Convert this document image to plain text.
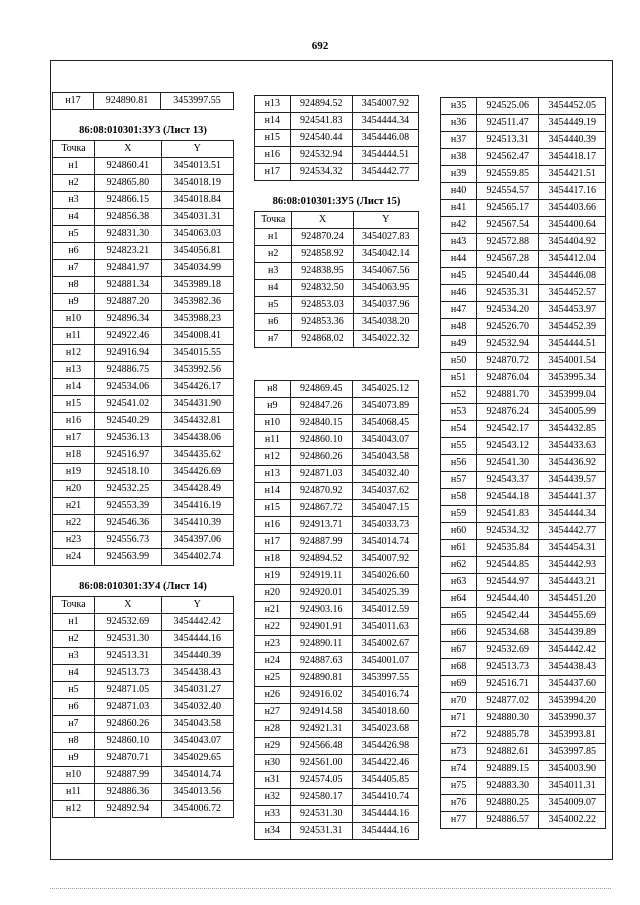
692
н17	924890.81	3453997.55
86:08:010301:ЗУ3 (Лист 13)
Точка	X	Y
н1	924860.41	3454013.51
н2	924865.80	3454018.19
н3	924866.15	3454018.84
н4	924856.38	3454031.31
н5	924831.30	3454063.03
н6	924823.21	3454056.81
н7	924841.97	3454034.99
н8	924881.34	3453989.18
н9	924887.20	3453982.36
н10	924896.34	3453988.23
н11	924922.46	3454008.41
н12	924916.94	3454015.55
н13	924886.75	3453992.56
н14	924534.06	3454426.17
н15	924541.02	3454431.90
н16	924540.29	3454432.81
н17	924536.13	3454438.06
н18	924516.97	3454435.62
н19	924518.10	3454426.69
н20	924532.25	3454428.49
н21	924553.39	3454416.19
н22	924546.36	3454410.39
н23	924556.73	3454397.06
н24	924563.99	3454402.74
86:08:010301:ЗУ4 (Лист 14)
Точка	X	Y
н1	924532.69	3454442.42
н2	924531.30	3454444.16
н3	924513.31	3454440.39
н4	924513.73	3454438.43
н5	924871.05	3454031.27
н6	924871.03	3454032.40
н7	924860.26	3454043.58
н8	924860.10	3454043.07
н9	924870.71	3454029.65
н10	924887.99	3454014.74
н11	924886.36	3454013.56
н12	924892.94	3454006.72
н13	924894.52	3454007.92
н14	924541.83	3454444.34
н15	924540.44	3454446.08
н16	924532.94	3454444.51
н17	924534.32	3454442.77
86:08:010301:ЗУ5 (Лист 15)
Точка	X	Y
н1	924870.24	3454027.83
н2	924858.92	3454042.14
н3	924838.95	3454067.56
н4	924832.50	3454063.95
н5	924853.03	3454037.96
н6	924853.36	3454038.20
н7	924868.02	3454022.32
н8	924869.45	3454025.12
н9	924847.26	3454073.89
н10	924840.15	3454068.45
н11	924860.10	3454043.07
н12	924860.26	3454043.58
н13	924871.03	3454032.40
н14	924870.92	3454037.62
н15	924867.72	3454047.15
н16	924913.71	3454033.73
н17	924887.99	3454014.74
н18	924894.52	3454007.92
н19	924919.11	3454026.60
н20	924920.01	3454025.39
н21	924903.16	3454012.59
н22	924901.91	3454011.63
н23	924890.11	3454002.67
н24	924887.63	3454001.07
н25	924890.81	3453997.55
н26	924916.02	3454016.74
н27	924914.58	3454018.60
н28	924921.31	3454023.68
н29	924566.48	3454426.98
н30	924561.00	3454422.46
н31	924574.05	3454405.85
н32	924580.17	3454410.74
н33	924531.30	3454444.16
н34	924531.31	3454444.16
н35	924525.06	3454452.05
н36	924511.47	3454449.19
н37	924513.31	3454440.39
н38	924562.47	3454418.17
н39	924559.85	3454421.51
н40	924554.57	3454417.16
н41	924565.17	3454403.66
н42	924567.54	3454400.64
н43	924572.88	3454404.92
н44	924567.28	3454412.04
н45	924540.44	3454446.08
н46	924535.31	3454452.57
н47	924534.20	3454453.97
н48	924526.70	3454452.39
н49	924532.94	3454444.51
н50	924870.72	3454001.54
н51	924876.04	3453995.34
н52	924881.70	3453999.04
н53	924876.24	3454005.99
н54	924542.17	3454432.85
н55	924543.12	3454433.63
н56	924541.30	3454436.92
н57	924543.37	3454439.57
н58	924544.18	3454441.37
н59	924541.83	3454444.34
н60	924534.32	3454442.77
н61	924535.84	3454454.31
н62	924544.85	3454442.93
н63	924544.97	3454443.21
н64	924544.40	3454451.20
н65	924542.44	3454455.69
н66	924534.68	3454439.89
н67	924532.69	3454442.42
н68	924513.73	3454438.43
н69	924516.71	3454437.60
н70	924877.02	3453994.20
н71	924880.30	3453990.37
н72	924885.78	3453993.81
н73	924882.61	3453997.85
н74	924889.15	3454003.90
н75	924883.30	3454011.31
н76	924880.25	3454009.07
н77	924886.57	3454002.22
